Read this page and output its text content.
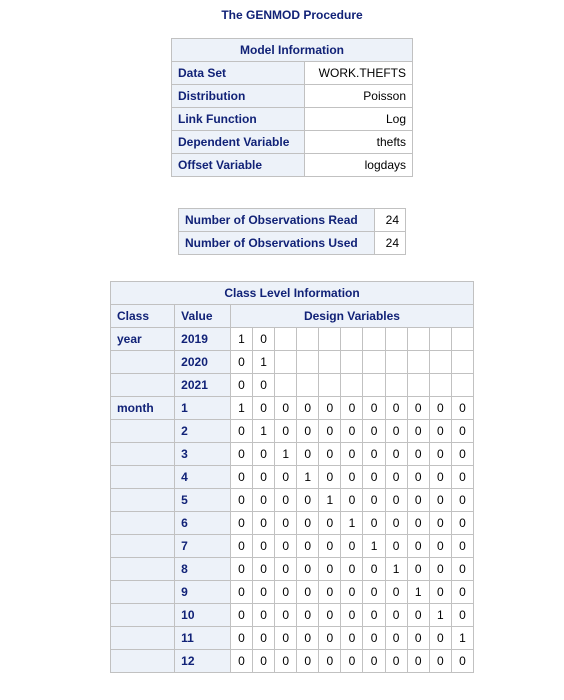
The GENMOD Procedure
Model Information	
Data Set	WORK.THEFTS
Distribution	Poisson
Link Function	Log
Dependent Variable	thefts
Offset Variable	logdays
Number of Observations Read	24
Number of Observations Used	24
Class Level Information												
Class	Value	Design Variables										
year	2019	1	0									
	2020	0	1									
	2021	0	0									
month	1	1	0	0	0	0	0	0	0	0	0	0
	2	0	1	0	0	0	0	0	0	0	0	0
	3	0	0	1	0	0	0	0	0	0	0	0
	4	0	0	0	1	0	0	0	0	0	0	0
	5	0	0	0	0	1	0	0	0	0	0	0
	6	0	0	0	0	0	1	0	0	0	0	0
	7	0	0	0	0	0	0	1	0	0	0	0
	8	0	0	0	0	0	0	0	1	0	0	0
	9	0	0	0	0	0	0	0	0	1	0	0
	10	0	0	0	0	0	0	0	0	0	1	0
	11	0	0	0	0	0	0	0	0	0	0	1
	12	0	0	0	0	0	0	0	0	0	0	0
